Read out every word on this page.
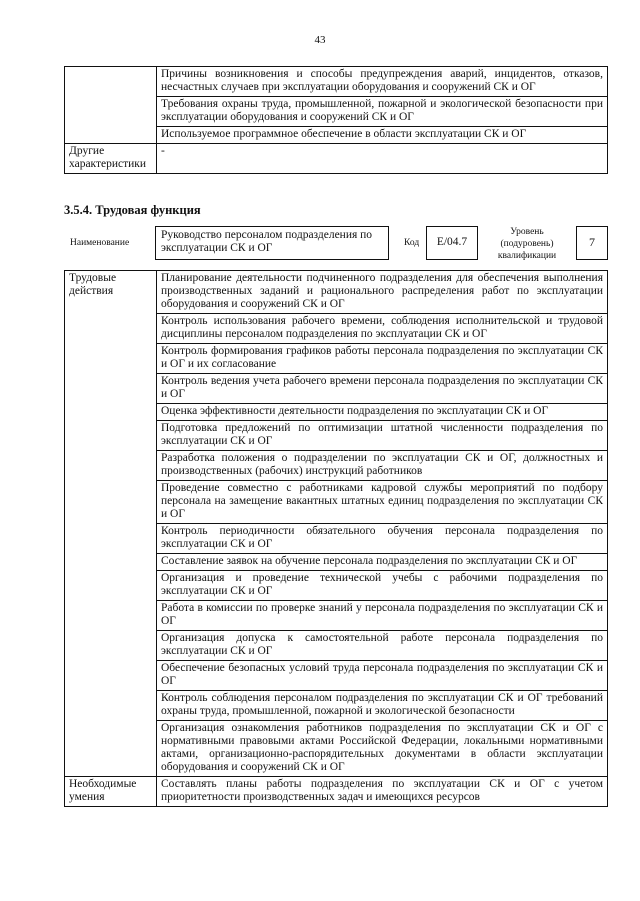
43
	Причины возникновения и способы предупреждения аварий, инцидентов, отказов, несчастных случаев при эксплуатации оборудования и сооружений СК и ОГ
	Требования охраны труда, промышленной, пожарной и экологической безопасности при эксплуатации оборудования и сооружений СК и ОГ
	Используемое программное обеспечение в области эксплуатации СК и ОГ
Другие характеристики	-
3.5.4. Трудовая функция
Наименование
Руководство персоналом подразделения по эксплуатации СК и ОГ	Код	E/04.7
Уровень (подуровень) квалификации
7
Трудовые действия	Планирование деятельности подчиненного подразделения для обеспечения выполнения производственных заданий и рационального распределения работ по эксплуатации оборудования и сооружений СК и ОГ
	Контроль использования рабочего времени, соблюдения исполнительской и трудовой дисциплины персоналом подразделения по эксплуатации СК и ОГ
	Контроль формирования графиков работы персонала подразделения по эксплуатации СК и ОГ и их согласование
	Контроль ведения учета рабочего времени персонала подразделения по эксплуатации СК и ОГ
	Оценка эффективности деятельности подразделения по эксплуатации СК и ОГ
	Подготовка предложений по оптимизации штатной численности подразделения по эксплуатации СК и ОГ
	Разработка положения о подразделении по эксплуатации СК и ОГ, должностных и производственных (рабочих) инструкций работников
	Проведение совместно с работниками кадровой службы мероприятий по подбору персонала на замещение вакантных штатных единиц подразделения по эксплуатации СК и ОГ
	Контроль периодичности обязательного обучения персонала подразделения по эксплуатации СК и ОГ
	Составление заявок на обучение персонала подразделения по эксплуатации СК и ОГ
	Организация и проведение технической учебы с рабочими подразделения по эксплуатации СК и ОГ
	Работа в комиссии по проверке знаний у персонала подразделения по эксплуатации СК и ОГ
	Организация допуска к самостоятельной работе персонала подразделения по эксплуатации СК и ОГ
	Обеспечение безопасных условий труда персонала подразделения по эксплуатации СК и ОГ
	Контроль соблюдения персоналом подразделения по эксплуатации СК и ОГ требований охраны труда, промышленной, пожарной и экологической безопасности
	Организация ознакомления работников подразделения по эксплуатации СК и ОГ с нормативными правовыми актами Российской Федерации, локальными нормативными актами, организационно-распорядительных документами в области эксплуатации оборудования и сооружений СК и ОГ
Необходимые умения	Составлять планы работы подразделения по эксплуатации СК и ОГ с учетом приоритетности производственных задач и имеющихся ресурсов
